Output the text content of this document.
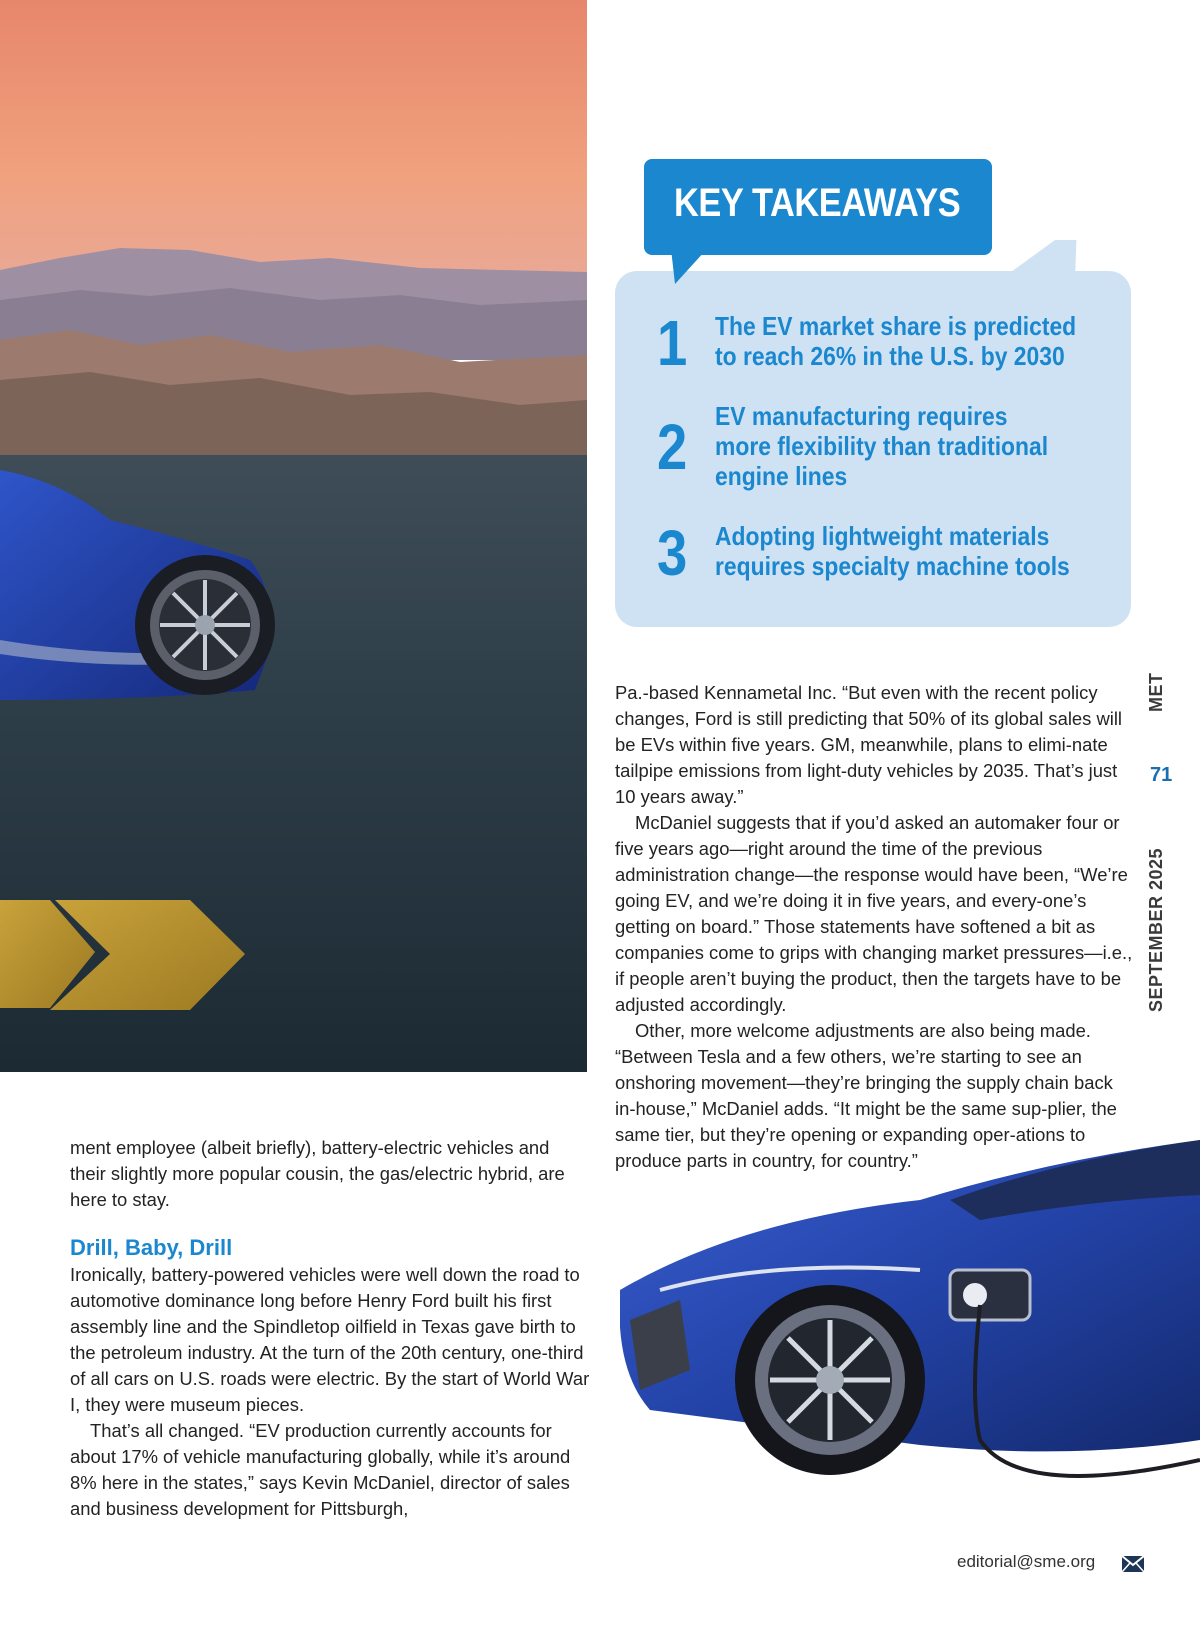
1 The EV market share is predicted
to reach 26% in the U.S. by 2030
2 EV manufacturing requires
more flexibility than traditional
engine lines
3 Adopting lightweight materials
requires specialty machine tools
KEY TAKEAWAYS

Pa.-based Kennametal Inc. “But even with the recent policy changes, Ford is still predicting that 50% of its global sales will be EVs within five years. GM, meanwhile, plans to elimi-nate tailpipe emissions from light-duty vehicles by 2035. That’s just 10 years away.”

McDaniel suggests that if you’d asked an automaker four or five years ago—right around the time of the previous administration change—the response would have been, “We’re going EV, and we’re doing it in five years, and every-one’s getting on board.” Those statements have softened a bit as companies come to grips with changing market pressures—i.e., if people aren’t buying the product, then the targets have to be adjusted accordingly.

Other, more welcome adjustments are also being made. “Between Tesla and a few others, we’re starting to see an onshoring movement—they’re bringing the supply chain back in-house,” McDaniel adds. “It might be the same sup-plier, the same tier, but they’re opening or expanding oper-ations to produce parts in country, for country.”

ment employee (albeit briefly), battery-electric vehicles and their slightly more popular cousin, the gas/electric hybrid, are here to stay.

Drill, Baby, Drill

Ironically, battery-powered vehicles were well down the road to automotive dominance long before Henry Ford built his first assembly line and the Spindletop oilfield in Texas gave birth to the petroleum industry. At the turn of the 20th century, one-third of all cars on U.S. roads were electric. By the start of World War I, they were museum pieces.

That’s all changed. “EV production currently accounts for about 17% of vehicle manufacturing globally, while it’s around 8% here in the states,” says Kevin McDaniel, director of sales and business development for Pittsburgh,

MET
71
SEPTEMBER 2025
editorial@sme.org
